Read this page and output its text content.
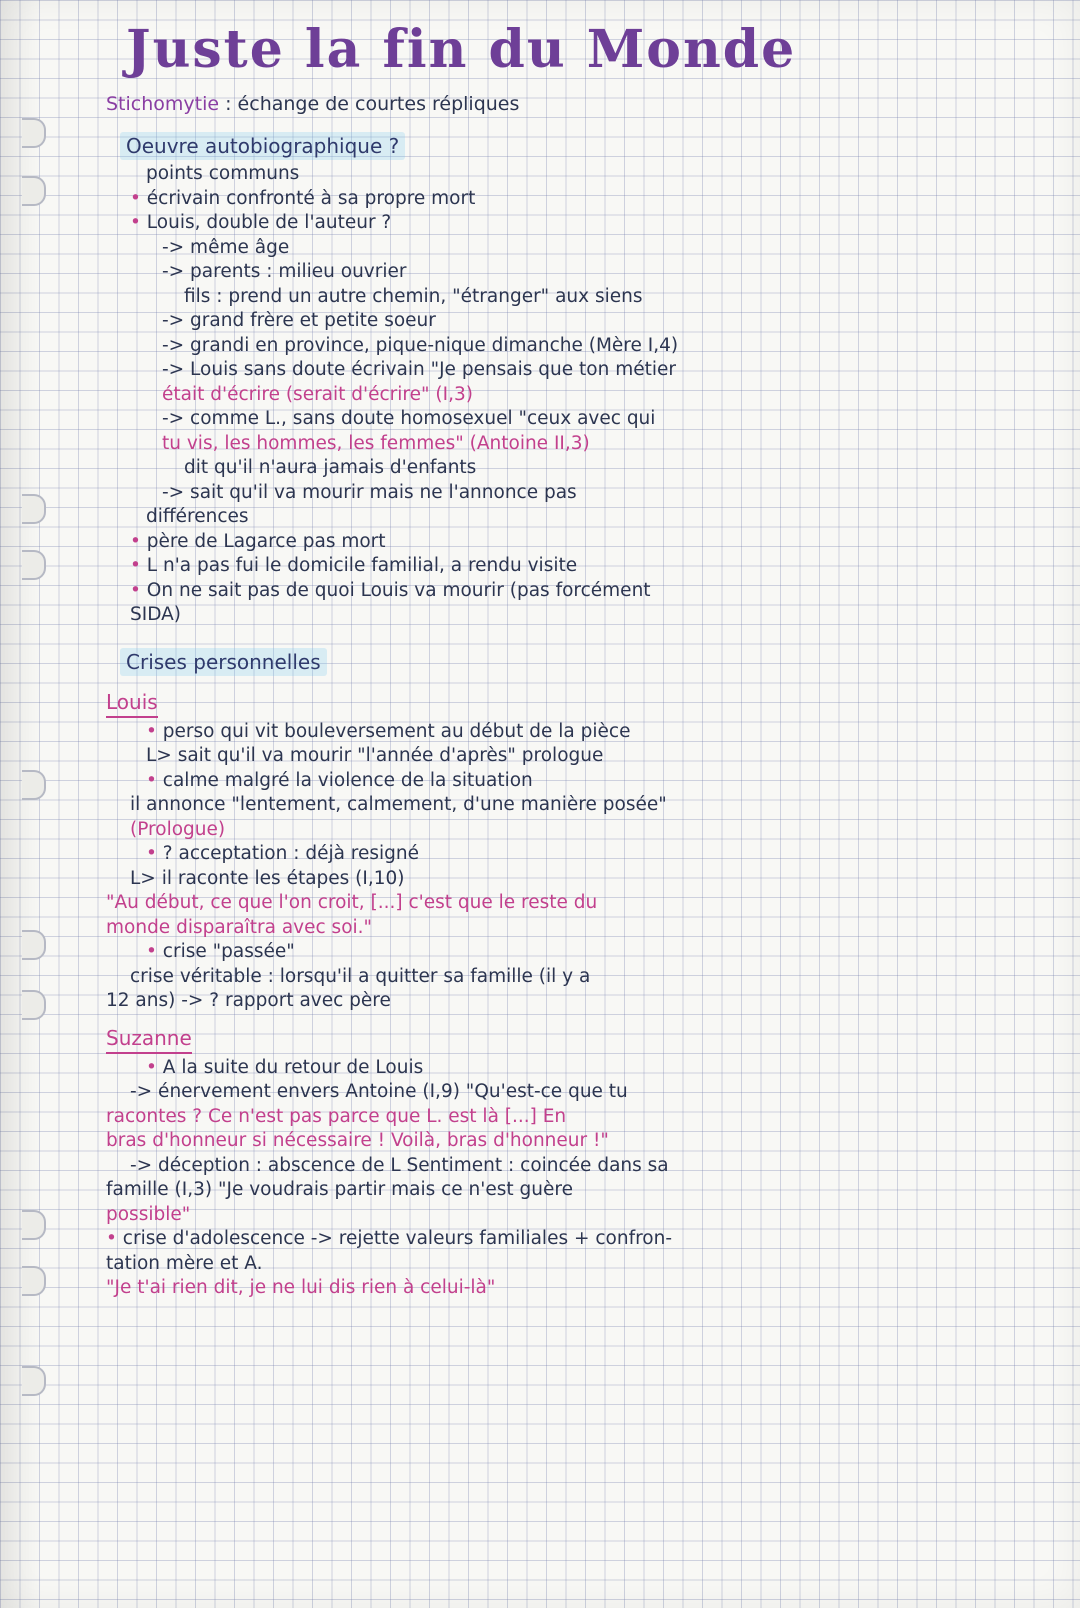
Juste la fin du Monde
Stichomytie : échange de courtes répliques
Oeuvre autobiographique ?
points communs
• écrivain confronté à sa propre mort
• Louis, double de l'auteur ?
-> même âge
-> parents : milieu ouvrier
fils : prend un autre chemin, "étranger" aux siens
-> grand frère et petite soeur
-> grandi en province, pique-nique dimanche (Mère I,4)
-> Louis sans doute écrivain "Je pensais que ton métier
était d'écrire (serait d'écrire" (I,3)
-> comme L., sans doute homosexuel "ceux avec qui
tu vis, les hommes, les femmes" (Antoine II,3)
dit qu'il n'aura jamais d'enfants
-> sait qu'il va mourir mais ne l'annonce pas
différences
• père de Lagarce pas mort
• L n'a pas fui le domicile familial, a rendu visite
• On ne sait pas de quoi Louis va mourir (pas forcément
SIDA)
Crises personnelles
Louis
• perso qui vit bouleversement au début de la pièce
L> sait qu'il va mourir "l'année d'après" prologue
• calme malgré la violence de la situation
il annonce "lentement, calmement, d'une manière posée"
(Prologue)
• ? acceptation : déjà resigné
L> il raconte les étapes (I,10)
"Au début, ce que l'on croit, [...] c'est que le reste du
monde disparaîtra avec soi."
• crise "passée"
crise véritable : lorsqu'il a quitter sa famille (il y a
12 ans) -> ? rapport avec père
Suzanne
• A la suite du retour de Louis
-> énervement envers Antoine (I,9) "Qu'est-ce que tu
racontes ? Ce n'est pas parce que L. est là [...] En
bras d'honneur si nécessaire ! Voilà, bras d'honneur !"
-> déception : abscence de L Sentiment : coincée dans sa
famille (I,3) "Je voudrais partir mais ce n'est guère
possible"
• crise d'adolescence -> rejette valeurs familiales + confron-
tation mère et A.
"Je t'ai rien dit, je ne lui dis rien à celui-là"
